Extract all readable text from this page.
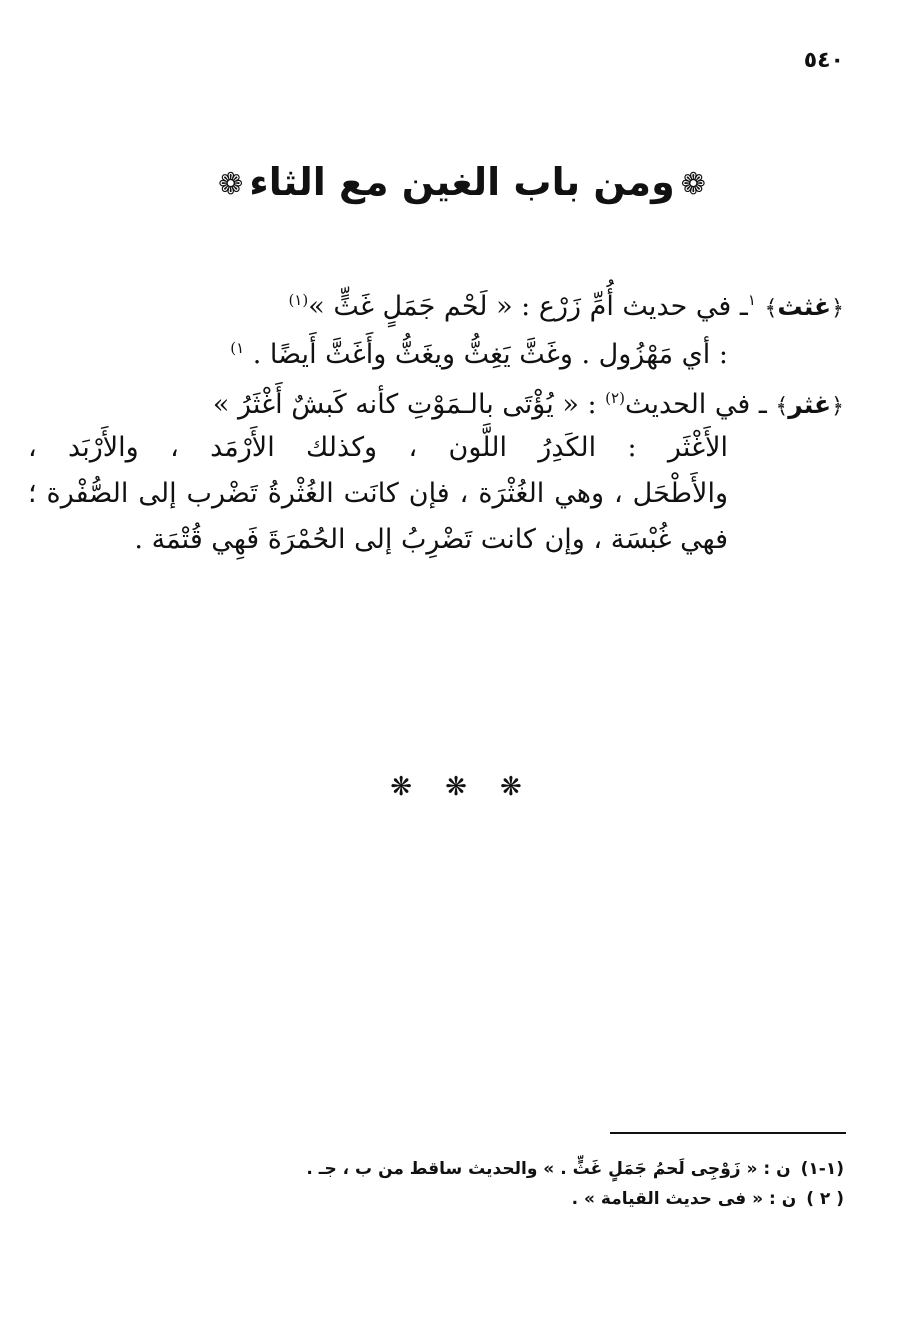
٥٤٠
❁ومن باب الغين مع الثاء❁
﴿غثث﴾ $^١$ـ في حديث أُمِّ زَرْع : « لَحْم جَمَلٍ غَثٍّ »$^{(١)}$
: أي مَهْزُول . وغَثَّ يَغِثُّ ويغَثُّ وأَغَثَّ أَيضًا . $^{١)}$
﴿غثر﴾ ـ في الحديث$^{(٢)}$ : « يُؤْتَى بالـمَوْتِ كأنه كَبشٌ أَغْثَرُ »
الأَغْثَر : الكَدِرُ اللَّون ، وكذلك الأَرْمَد ، والأَرْبَد ،
والأَطْحَل ، وهي الغُثْرَة ، فإن كانَت الغُثْرةُ تَضْرب إلى الصُّفْرة ؛
فهي غُبْسَة ، وإن كانت تَضْرِبُ إلى الحُمْرَةَ فَهِي قُتْمَة .
❋ ❋ ❋
(١-١)ن : « زَوْجِى لَحمُ جَمَلٍ غَثٍّ . » والحديث ساقط من ب ، جـ .
( ٢ )ن : « فى حديث القيامة » .
